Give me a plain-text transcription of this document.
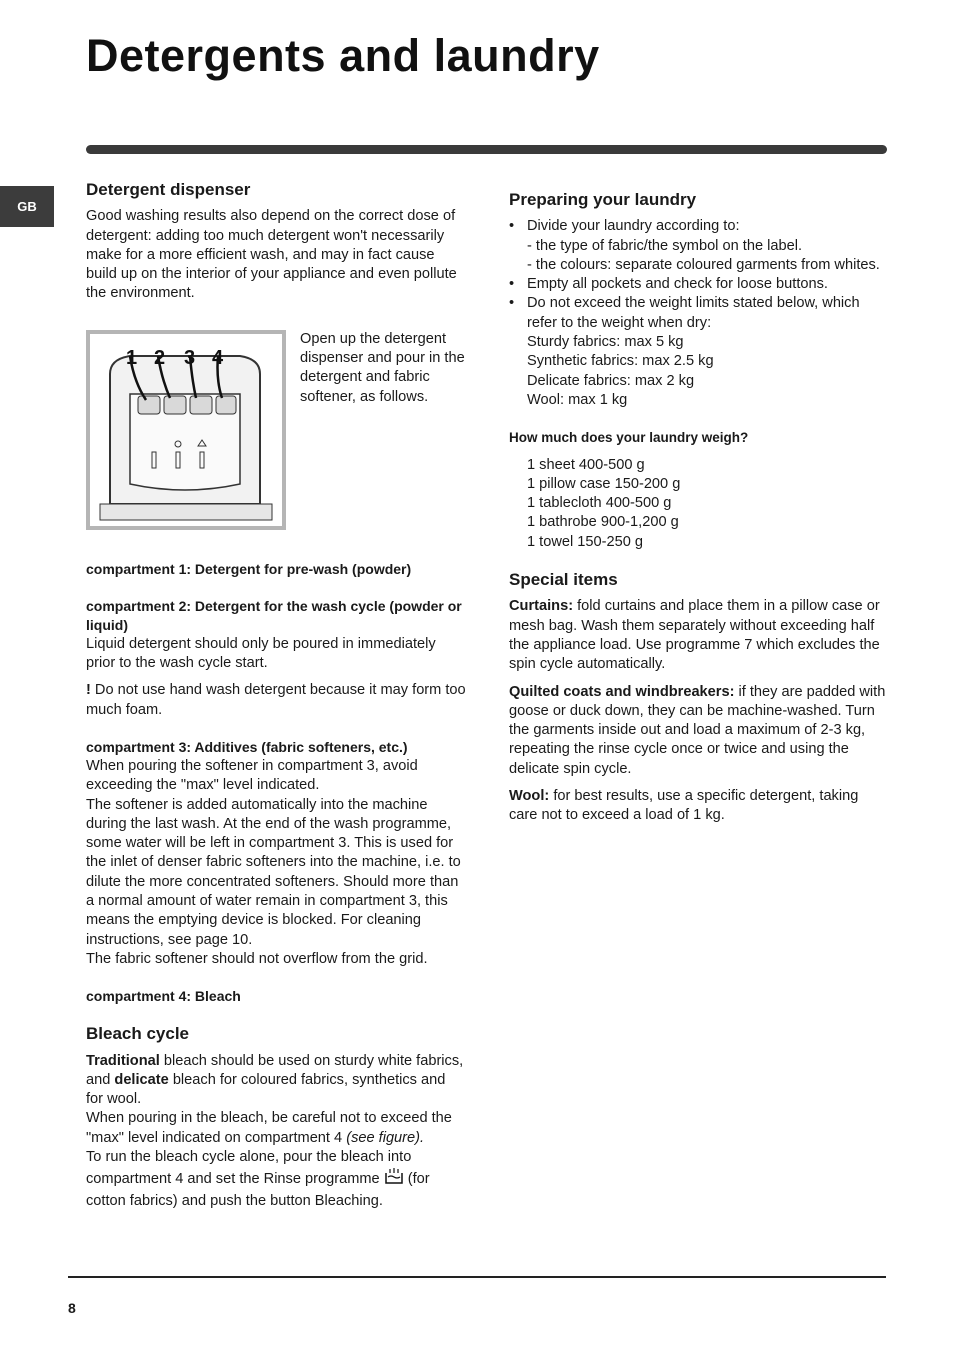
Detergents and laundry
GB
Detergent dispenser

Good washing results also depend on the correct dose of detergent: adding too much detergent won't necessarily make for a more efficient wash, and may in fact cause build up on the interior of your appliance and even pollute the environment.

1 2 3 4

Open up the detergent dispenser and pour in the detergent and fabric softener, as follows.

compartment 1: Detergent for pre-wash (powder)

compartment 2: Detergent for the wash cycle (powder or liquid)

Liquid detergent should only be poured in immediately prior to the wash cycle start.

! Do not use hand wash detergent because it may form too much foam.

compartment 3: Additives (fabric softeners, etc.)

When pouring the softener in compartment 3, avoid exceeding the "max" level indicated.

The softener is added automatically into the machine during the last wash. At the end of the wash programme, some water will be left in compartment 3. This is used for the inlet of denser fabric softeners into the machine, i.e. to dilute the more concentrated softeners. Should more than a normal amount of water remain in compartment 3, this means the emptying device is blocked. For cleaning instructions, see page 10.

The fabric softener should not overflow from the grid.

compartment 4: Bleach

Bleach cycle

Traditional bleach should be used on sturdy white fabrics, and delicate bleach for coloured fabrics, synthetics and for wool.

When pouring in the bleach, be careful not to exceed the "max" level indicated on compartment 4 (see figure).

To run the bleach cycle alone, pour the bleach into compartment 4 and set the Rinse programme  (for cotton fabrics) and push the button Bleaching.

Preparing your laundry
• Divide your laundry according to:
- the type of fabric/the symbol on the label.
- the colours: separate coloured garments from whites.
• Empty all pockets and check for loose buttons.
• Do not exceed the weight limits stated below, which refer to the weight when dry:
Sturdy fabrics: max 5 kg
Synthetic fabrics: max 2.5 kg
Delicate fabrics: max 2 kg
Wool: max 1 kg

How much does your laundry weigh?

1 sheet 400-500 g
1 pillow case 150-200 g
1 tablecloth 400-500 g
1 bathrobe 900-1,200 g
1 towel 150-250 g
Special items

Curtains: fold curtains and place them in a pillow case or mesh bag. Wash them separately without exceeding half the appliance load. Use programme 7 which excludes the spin cycle automatically.

Quilted coats and windbreakers: if they are padded with goose or duck down, they can be machine-washed. Turn the garments inside out and load a maximum of 2-3 kg, repeating the rinse cycle once or twice and using the delicate spin cycle.

Wool: for best results, use a specific detergent, taking care not to exceed a load of 1 kg.

8
